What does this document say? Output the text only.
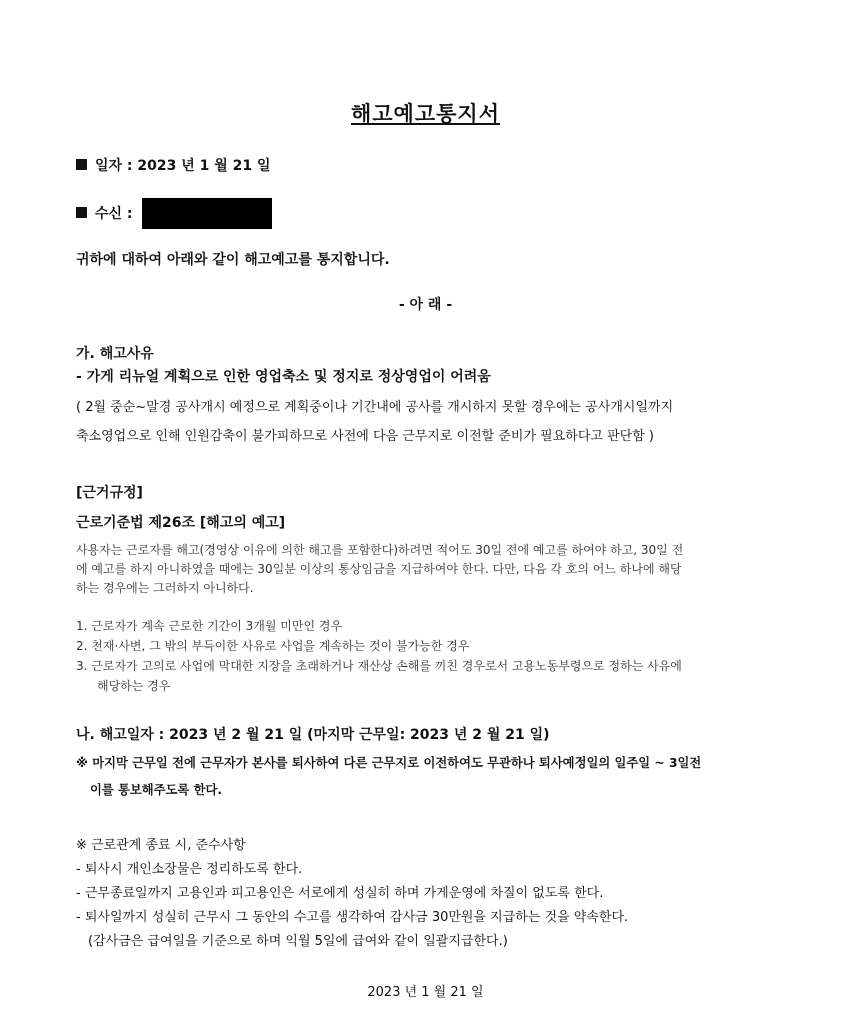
해고예고통지서
일자 : 2023 년 1 월 21 일
수신 :
귀하에 대하여 아래와 같이 해고예고를 통지합니다.
- 아 래 -
가. 해고사유
- 가게 리뉴얼 계획으로 인한 영업축소 및 정지로 정상영업이 어려움
( 2월 중순~말경 공사개시 예정으로 계획중이나 기간내에 공사를 개시하지 못할 경우에는 공사개시일까지
축소영업으로 인해 인원감축이 불가피하므로 사전에 다음 근무지로 이전할 준비가 필요하다고 판단함 )
[근거규정]
근로기준법 제26조 [해고의 예고]
사용자는 근로자를 해고(경영상 이유에 의한 해고를 포함한다)하려면 적어도 30일 전에 예고를 하여야 하고, 30일 전
에 예고를 하지 아니하였을 때에는 30일분 이상의 통상임금을 지급하여야 한다. 다만, 다음 각 호의 어느 하나에 해당
하는 경우에는 그러하지 아니하다.
1. 근로자가 계속 근로한 기간이 3개월 미만인 경우
2. 천재·사변, 그 밖의 부득이한 사유로 사업을 계속하는 것이 불가능한 경우
3. 근로자가 고의로 사업에 막대한 지장을 초래하거나 재산상 손해를 끼친 경우로서 고용노동부령으로 정하는 사유에
해당하는 경우
나. 해고일자 : 2023 년 2 월 21 일 (마지막 근무일: 2023 년 2 월 21 일)
※ 마지막 근무일 전에 근무자가 본사를 퇴사하여 다른 근무지로 이전하여도 무관하나 퇴사예정일의 일주일 ~ 3일전
이를 통보해주도록 한다.
※ 근로관계 종료 시, 준수사항
- 퇴사시 개인소장물은 정리하도록 한다.
- 근무종료일까지 고용인과 피고용인은 서로에게 성실히 하며 가게운영에 차질이 없도록 한다.
- 퇴사일까지 성실히 근무시 그 동안의 수고를 생각하여 감사금 30만원을 지급하는 것을 약속한다.
(감사금은 급여일을 기준으로 하며 익월 5일에 급여와 같이 일괄지급한다.)
2023 년 1 월 21 일
